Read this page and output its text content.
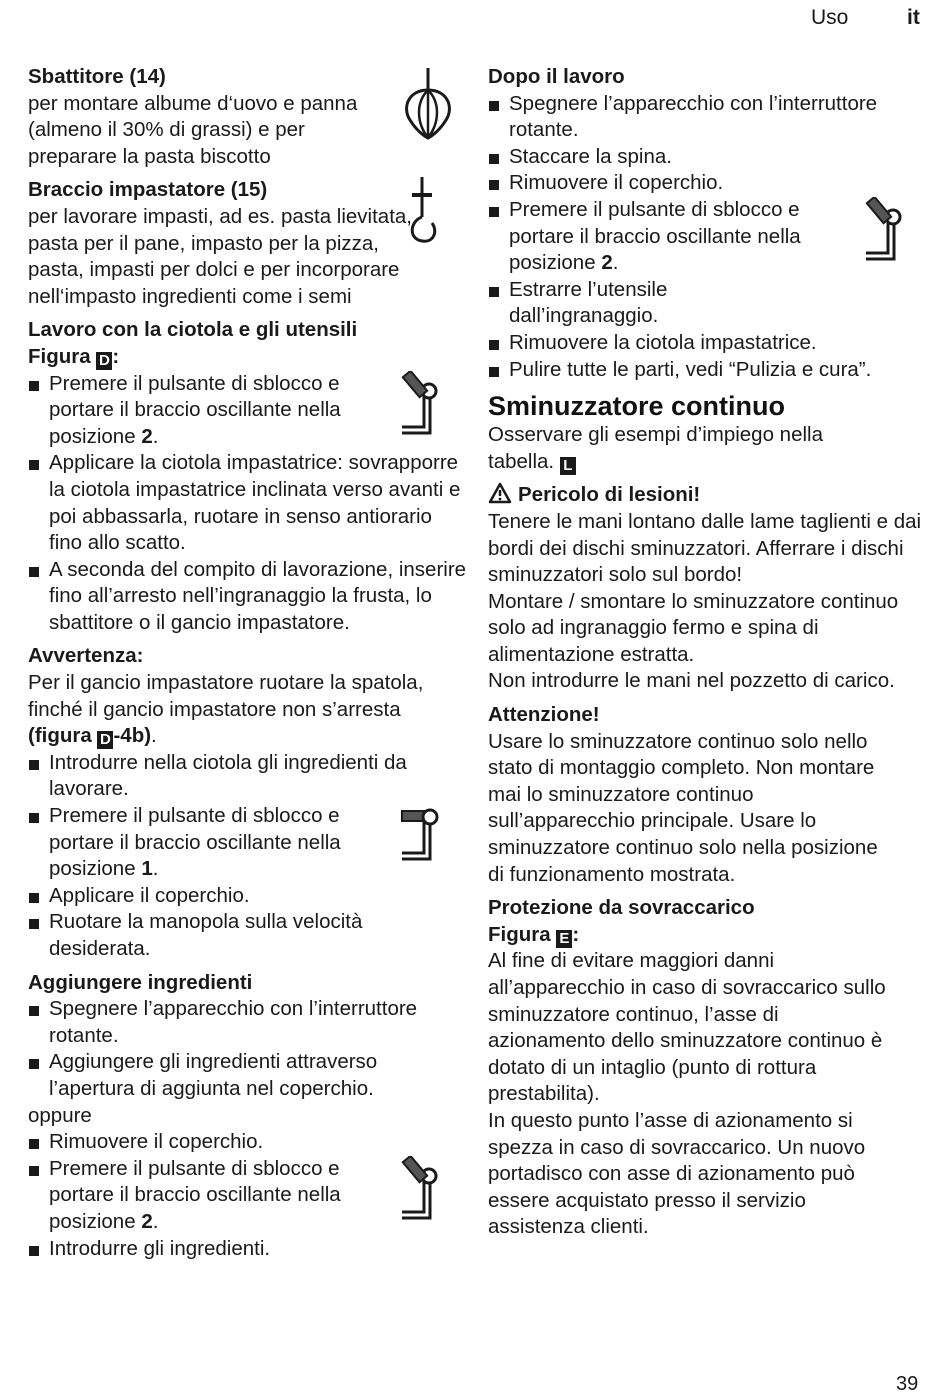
Uso	it
Sbattitore (14)
per montare albume d‘uovo e panna (almeno il 30% di grassi) e per preparare la pasta biscotto
Braccio impastatore (15)
per lavorare impasti, ad es. pasta lievitata, pasta per il pane, impasto per la pizza, pasta, impasti per dolci e per incorporare nell‘impasto ingredienti come i semi
Lavoro con la ciotola e gli utensili
Figura D :
Premere il pulsante di sblocco e portare il braccio oscillante nella posizione 2.
Applicare la ciotola impastatrice: sovrapporre la ciotola impastatrice inclinata verso avanti e poi abbassarla, ruotare in senso antiorario fino allo scatto.
A seconda del compito di lavorazione, inserire fino all’arresto nell’ingranaggio la frusta, lo sbattitore o il gancio impastatore.
Avvertenza:
Per il gancio impastatore ruotare la spatola, finché il gancio impastatore non s’arresta (figura D -4b).
Introdurre nella ciotola gli ingredienti da lavorare.
Premere il pulsante di sblocco e portare il braccio oscillante nella posizione 1.
Applicare il coperchio.
Ruotare la manopola sulla velocità desiderata.
Aggiungere ingredienti
Spegnere l’apparecchio con l’interruttore rotante.
Aggiungere gli ingredienti attraverso l’apertura di aggiunta nel coperchio.
oppure
Rimuovere il coperchio.
Premere il pulsante di sblocco e portare il braccio oscillante nella posizione 2.
Introdurre gli ingredienti.
Dopo il lavoro
Spegnere l’apparecchio con l’interruttore rotante.
Staccare la spina.
Rimuovere il coperchio.
Premere il pulsante di sblocco e portare il braccio oscillante nella posizione 2.
Estrarre l’utensile dall’ingranaggio.
Rimuovere la ciotola impastatrice.
Pulire tutte le parti, vedi “Pulizia e cura”.
Sminuzzatore continuo
Osservare gli esempi d’impiego nella tabella. L
Pericolo di lesioni!
Tenere le mani lontano dalle lame taglienti e dai bordi dei dischi sminuzzatori. Afferrare i dischi sminuzzatori solo sul bordo!
Montare / smontare lo sminuzzatore continuo solo ad ingranaggio fermo e spina di alimentazione estratta.
Non introdurre le mani nel pozzetto di carico.
Attenzione!
Usare lo sminuzzatore continuo solo nello stato di montaggio completo. Non montare mai lo sminuzzatore continuo sull’apparecchio principale. Usare lo sminuzzatore continuo solo nella posizione di funzionamento mostrata.
Protezione da sovraccarico
Figura E :
Al fine di evitare maggiori danni all’apparecchio in caso di sovraccarico sullo sminuzzatore continuo, l’asse di azionamento dello sminuzzatore continuo è dotato di un intaglio (punto di rottura prestabilita).
In questo punto l’asse di azionamento si spezza in caso di sovraccarico. Un nuovo portadisco con asse di azionamento può essere acquistato presso il servizio assistenza clienti.
39
